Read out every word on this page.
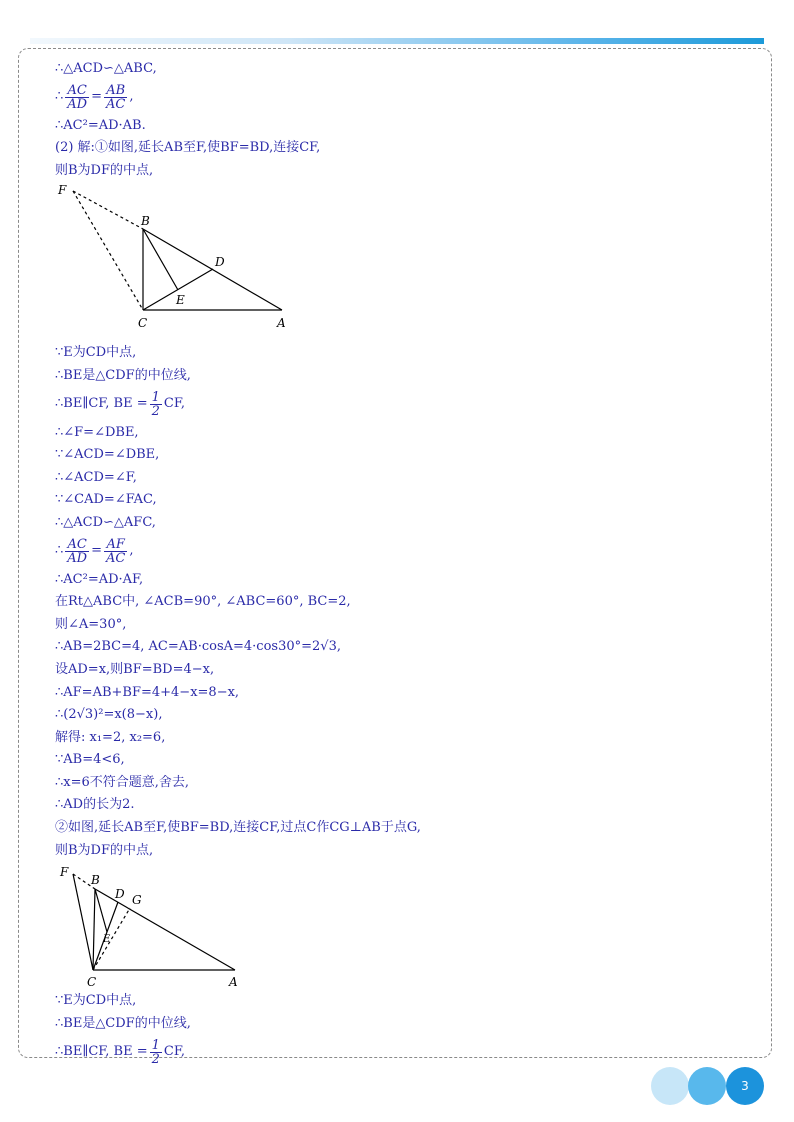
∴△ACD∽△ABC,
∴ $\frac{AC}{AD} = \frac{AB}{AC}$ ,
∴AC²=AD·AB.
(2) 解:①如图,延长AB至F,使BF=BD,连接CF,
则B为DF的中点,
F
B
D
E
C	A
∵E为CD中点,
∴BE是△CDF的中位线,
∴BE∥CF, BE = $\frac{1}{2}$ CF,
∴∠F=∠DBE,
∵∠ACD=∠DBE,
∴∠ACD=∠F,
∵∠CAD=∠FAC,
∴△ACD∽△AFC,
∴ $\frac{AC}{AD} = \frac{AF}{AC}$ ,
∴AC²=AD·AF,
在Rt△ABC中, ∠ACB=90°, ∠ABC=60°, BC=2,
则∠A=30°,
∴AB=2BC=4, AC=AB·cosA=4·cos30°=2√3,
设AD=x,则BF=BD=4−x,
∴AF=AB+BF=4+4−x=8−x,
∴(2√3)²=x(8−x),
解得: x₁=2, x₂=6,
∵AB=4<6,
∴x=6不符合题意,舍去,
∴AD的长为2.
②如图,延长AB至F,使BF=BD,连接CF,过点C作CG⊥AB于点G,
则B为DF的中点,
F
B
D G
E
C	A
∵E为CD中点,
∴BE是△CDF的中位线,
∴BE∥CF, BE = $\frac{1}{2}$ CF,
3
